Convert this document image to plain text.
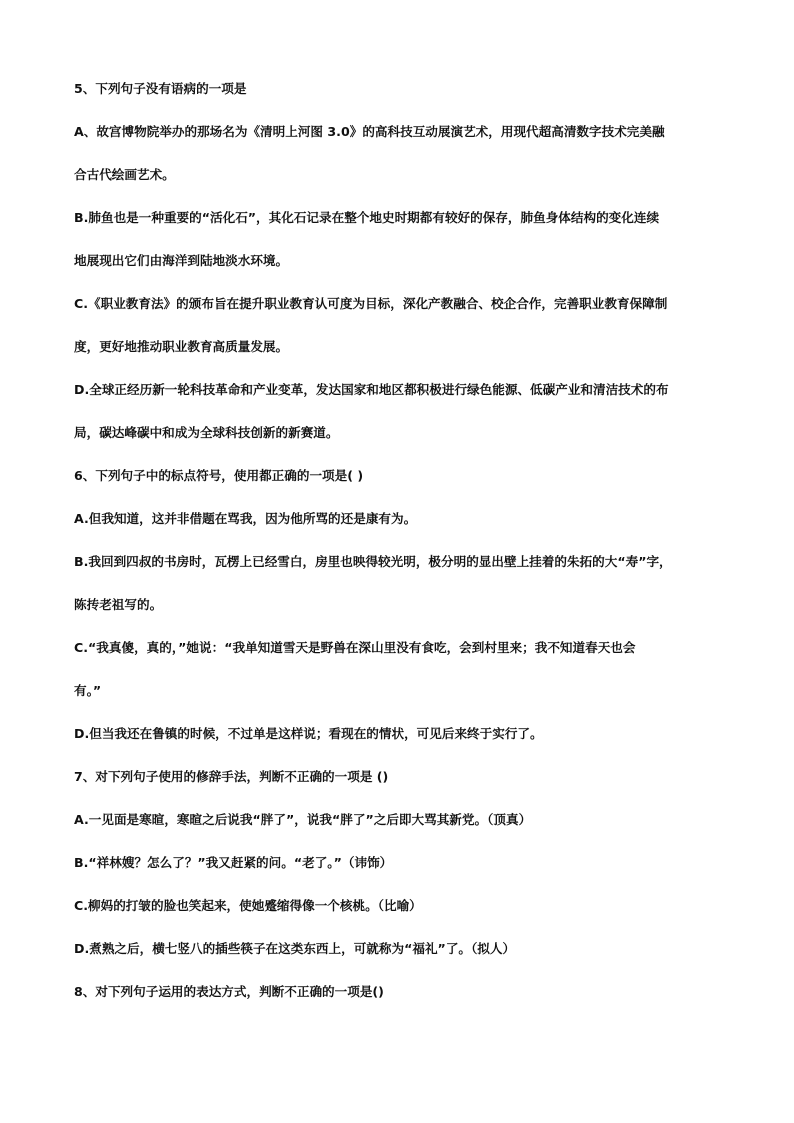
5、下列句子没有语病的一项是

A、故宫博物院举办的那场名为《清明上河图 3.0》的高科技互动展演艺术，用现代超高清数字技术完美融

合古代绘画艺术。

B.肺鱼也是一种重要的“活化石”，其化石记录在整个地史时期都有较好的保存，肺鱼身体结构的变化连续

地展现出它们由海洋到陆地淡水环境。

C.《职业教育法》的颁布旨在提升职业教育认可度为目标，深化产教融合、校企合作，完善职业教育保障制

度，更好地推动职业教育高质量发展。

D.全球正经历新一轮科技革命和产业变革，发达国家和地区都积极进行绿色能源、低碳产业和清洁技术的布

局，碳达峰碳中和成为全球科技创新的新赛道。

6、下列句子中的标点符号，使用都正确的一项是( )

A.但我知道，这并非借题在骂我，因为他所骂的还是康有为。

B.我回到四叔的书房时，瓦楞上已经雪白，房里也映得较光明，极分明的显出壁上挂着的朱拓的大“寿”字，

陈抟老祖写的。

C.“我真傻，真的，”她说：“我单知道雪天是野兽在深山里没有食吃，会到村里来；我不知道春天也会

有。”

D.但当我还在鲁镇的时候，不过单是这样说；看现在的情状，可见后来终于实行了。

7、对下列句子使用的修辞手法，判断不正确的一项是 ()

A.一见面是寒暄，寒暄之后说我“胖了”，说我“胖了”之后即大骂其新党。（顶真）

B.“祥林嫂？怎么了？”我又赶紧的问。“老了。”（讳饰）

C.柳妈的打皱的脸也笑起来，使她蹙缩得像一个核桃。（比喻）

D.煮熟之后，横七竖八的插些筷子在这类东西上，可就称为“福礼”了。（拟人）

8、对下列句子运用的表达方式，判断不正确的一项是()
